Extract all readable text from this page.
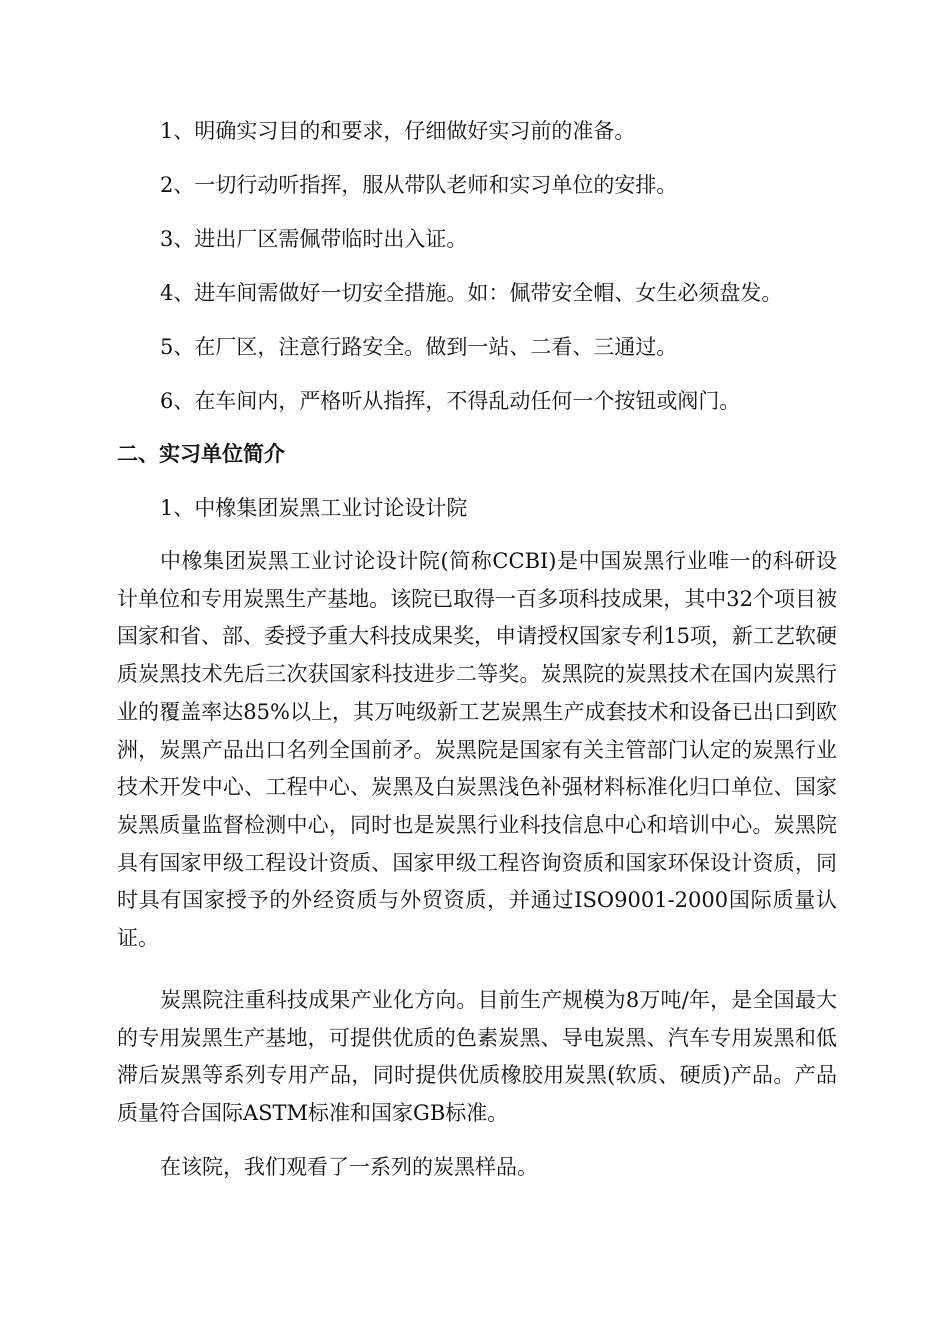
1、明确实习目的和要求，仔细做好实习前的准备。

2、一切行动听指挥，服从带队老师和实习单位的安排。

3、进出厂区需佩带临时出入证。

4、进车间需做好一切安全措施。如：佩带安全帽、女生必须盘发。

5、在厂区，注意行路安全。做到一站、二看、三通过。

6、在车间内，严格听从指挥，不得乱动任何一个按钮或阀门。

二、实习单位简介

1、中橡集团炭黑工业讨论设计院

中橡集团炭黑工业讨论设计院(简称CCBI)是中国炭黑行业唯一的科研设计单位和专用炭黑生产基地。该院已取得一百多项科技成果，其中32个项目被国家和省、部、委授予重大科技成果奖，申请授权国家专利15项，新工艺软硬质炭黑技术先后三次获国家科技进步二等奖。炭黑院的炭黑技术在国内炭黑行业的覆盖率达85%以上，其万吨级新工艺炭黑生产成套技术和设备已出口到欧洲，炭黑产品出口名列全国前矛。炭黑院是国家有关主管部门认定的炭黑行业技术开发中心、工程中心、炭黑及白炭黑浅色补强材料标准化归口单位、国家炭黑质量监督检测中心，同时也是炭黑行业科技信息中心和培训中心。炭黑院具有国家甲级工程设计资质、国家甲级工程咨询资质和国家环保设计资质，同时具有国家授予的外经资质与外贸资质，并通过ISO9001-2000国际质量认证。

炭黑院注重科技成果产业化方向。目前生产规模为8万吨/年，是全国最大的专用炭黑生产基地，可提供优质的色素炭黑、导电炭黑、汽车专用炭黑和低滞后炭黑等系列专用产品，同时提供优质橡胶用炭黑(软质、硬质)产品。产品质量符合国际ASTM标准和国家GB标准。

在该院，我们观看了一系列的炭黑样品。
